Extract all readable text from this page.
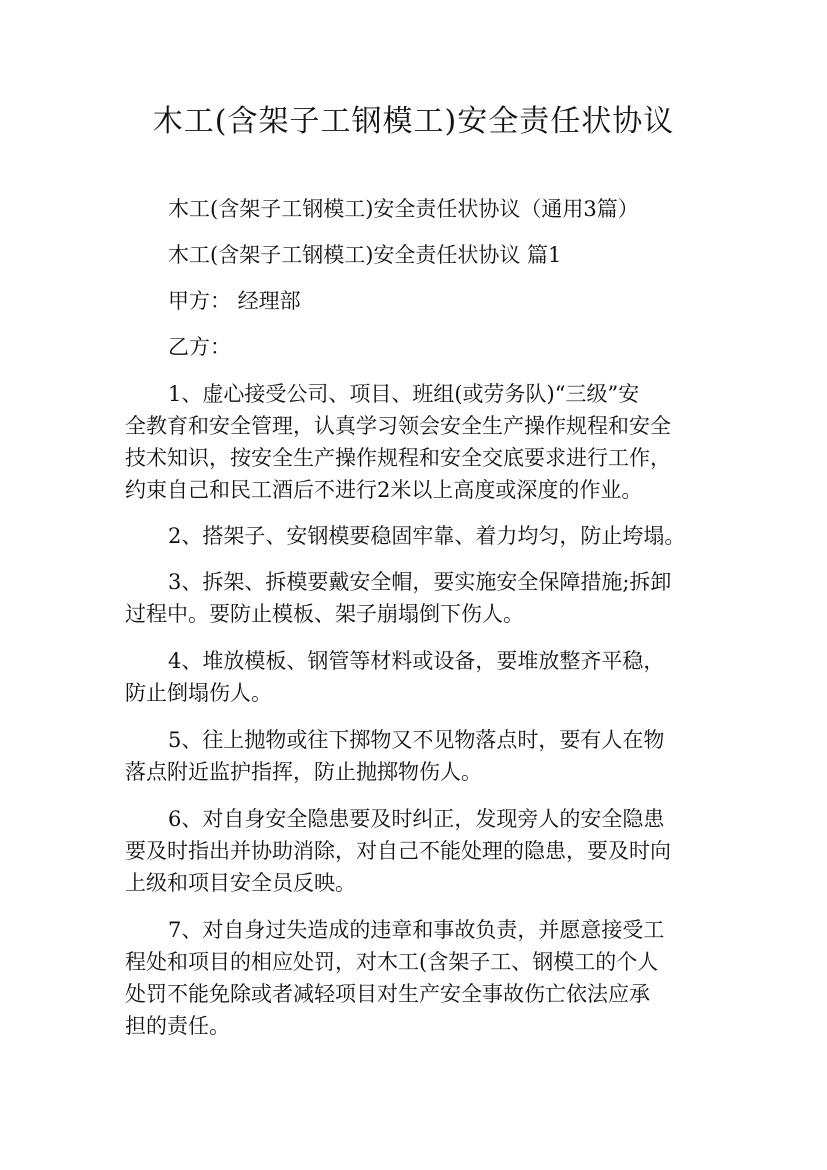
木工(含架子工钢模工)安全责任状协议

木工(含架子工钢模工)安全责任状协议（通用3篇）

木工(含架子工钢模工)安全责任状协议 篇1

甲方： 经理部

乙方：

1、虚心接受公司、项目、班组(或劳务队)“三级”安

全教育和安全管理，认真学习领会安全生产操作规程和安全

技术知识，按安全生产操作规程和安全交底要求进行工作，

约束自己和民工酒后不进行2米以上高度或深度的作业。

2、搭架子、安钢模要稳固牢靠、着力均匀，防止垮塌。

3、拆架、拆模要戴安全帽，要实施安全保障措施;拆卸

过程中。要防止模板、架子崩塌倒下伤人。

4、堆放模板、钢管等材料或设备，要堆放整齐平稳，

防止倒塌伤人。

5、往上抛物或往下掷物又不见物落点时，要有人在物

落点附近监护指挥，防止抛掷物伤人。

6、对自身安全隐患要及时纠正，发现旁人的安全隐患

要及时指出并协助消除，对自己不能处理的隐患，要及时向

上级和项目安全员反映。

7、对自身过失造成的违章和事故负责，并愿意接受工

程处和项目的相应处罚，对木工(含架子工、钢模工的个人

处罚不能免除或者减轻项目对生产安全事故伤亡依法应承

担的责任。
